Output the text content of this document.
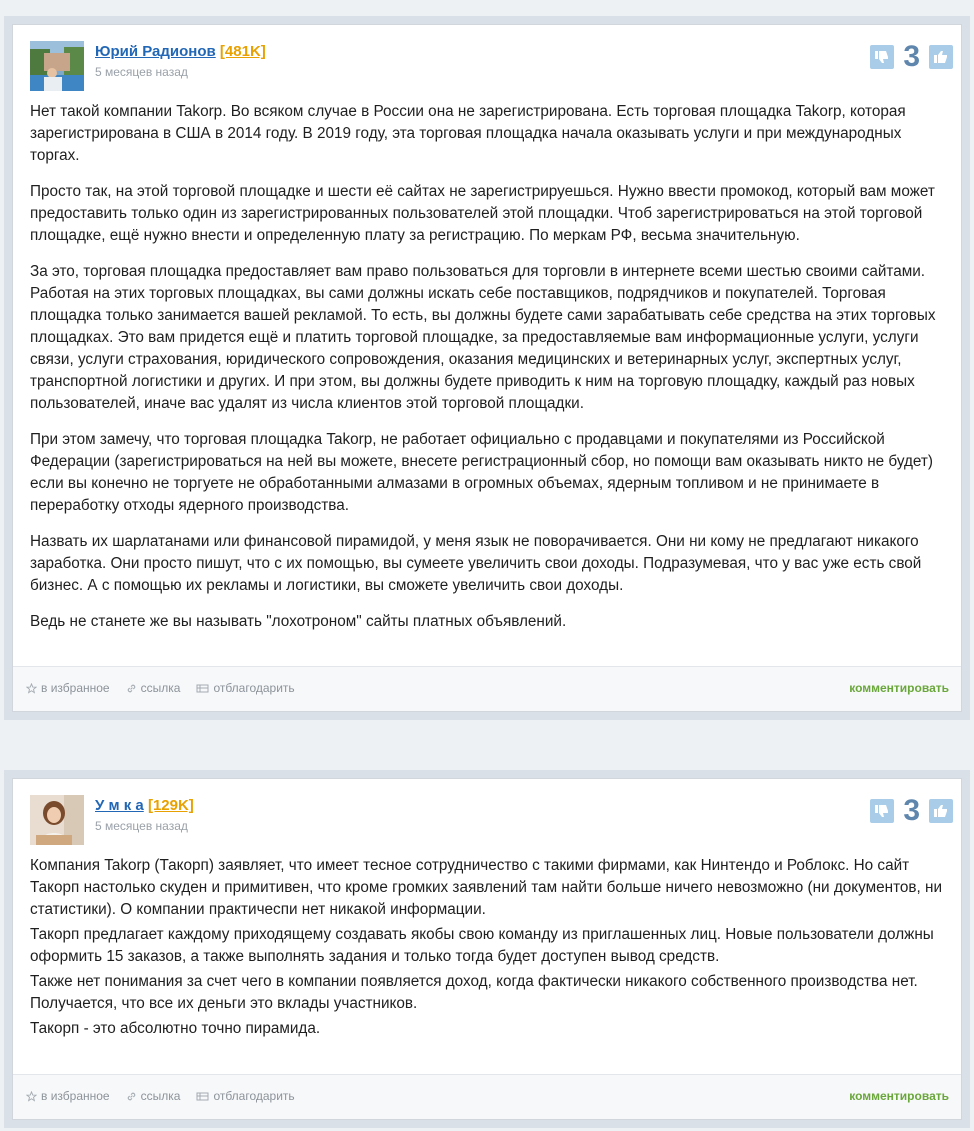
Юрий Радионов [481K]
5 месяцев назад	3

Нет такой компании Takorp. Во всяком случае в России она не зарегистрирована. Есть торговая площадка Takorp, которая зарегистрирована в США в 2014 году. В 2019 году, эта торговая площадка начала оказывать услуги и при международных торгах.

Просто так, на этой торговой площадке и шести её сайтах не зарегистрируешься. Нужно ввести промокод, который вам может предоставить только один из зарегистрированных пользователей этой площадки. Чтоб зарегистрироваться на этой торговой площадке, ещё нужно внести и определенную плату за регистрацию. По меркам РФ, весьма значительную.

За это, торговая площадка предоставляет вам право пользоваться для торговли в интернете всеми шестью своими сайтами. Работая на этих торговых площадках, вы сами должны искать себе поставщиков, подрядчиков и покупателей. Торговая площадка только занимается вашей рекламой. То есть, вы должны будете сами зарабатывать себе средства на этих торговых площадках. Это вам придется ещё и платить торговой площадке, за предоставляемые вам информационные услуги, услуги связи, услуги страхования, юридического сопровождения, оказания медицинских и ветеринарных услуг, экспертных услуг, транспортной логистики и других. И при этом, вы должны будете приводить к ним на торговую площадку, каждый раз новых пользователей, иначе вас удалят из числа клиентов этой торговой площадки.

При этом замечу, что торговая площадка Takorp, не работает официально с продавцами и покупателями из Российской Федерации (зарегистрироваться на ней вы можете, внесете регистрационный сбор, но помощи вам оказывать никто не будет) если вы конечно не торгуете не обработанными алмазами в огромных объемах, ядерным топливом и не принимаете в переработку отходы ядерного производства.

Назвать их шарлатанами или финансовой пирамидой, у меня язык не поворачивается. Они ни кому не предлагают никакого заработка. Они просто пишут, что с их помощью, вы сумеете увеличить свои доходы. Подразумевая, что у вас уже есть свой бизнес. А с помощью их рекламы и логистики, вы сможете увеличить свои доходы.

Ведь не станете же вы называть "лохотроном" сайты платных объявлений.

в избранное	ссылка	отблагодарить	комментировать
У м к а [129K]
5 месяцев назад	3

Компания Takorp (Такорп) заявляет, что имеет тесное сотрудничество с такими фирмами, как Нинтендо и Роблокс. Но сайт Такорп настолько скуден и примитивен, что кроме громких заявлений там найти больше ничего невозможно (ни документов, ни статистики). О компании практичеспи нет никакой информации.

Такорп предлагает каждому приходящему создавать якобы свою команду из приглашенных лиц. Новые пользователи должны оформить 15 заказов, а также выполнять задания и только тогда будет доступен вывод средств.

Также нет понимания за счет чего в компании появляется доход, когда фактически никакого собственного производства нет. Получается, что все их деньги это вклады участников.

Такорп - это абсолютно точно пирамида.

в избранное	ссылка	отблагодарить	комментировать
